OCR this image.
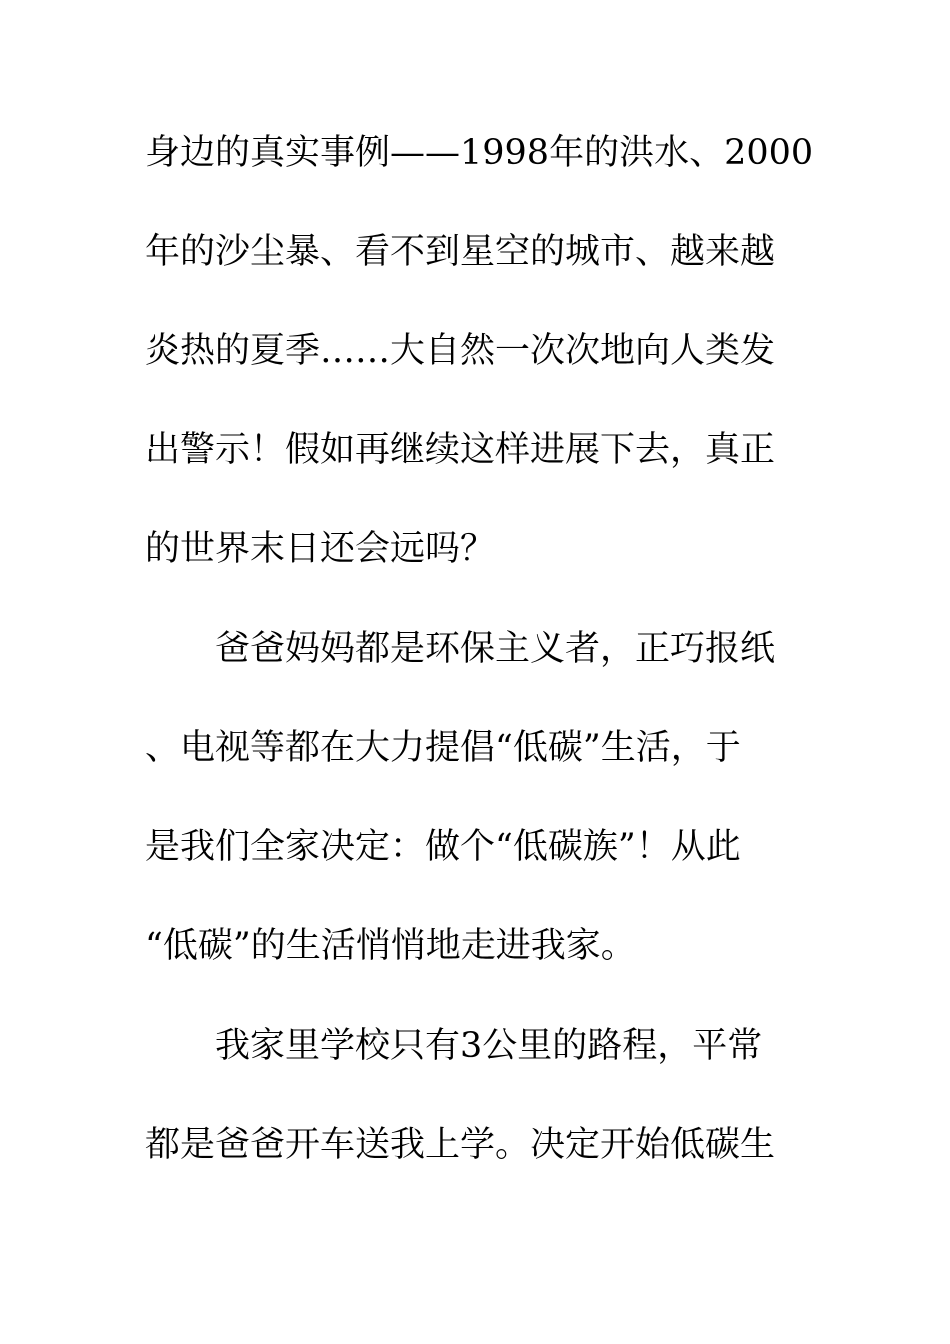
身边的真实事例——1998年的洪水、2000
年的沙尘暴、看不到星空的城市、越来越
炎热的夏季……大自然一次次地向人类发
出警示！假如再继续这样进展下去，真正
的世界末日还会远吗？
爸爸妈妈都是环保主义者，正巧报纸
、电视等都在大力提倡“低碳”生活，于
是我们全家决定：做个“低碳族”！从此
“低碳”的生活悄悄地走进我家。
我家里学校只有3公里的路程，平常
都是爸爸开车送我上学。决定开始低碳生
